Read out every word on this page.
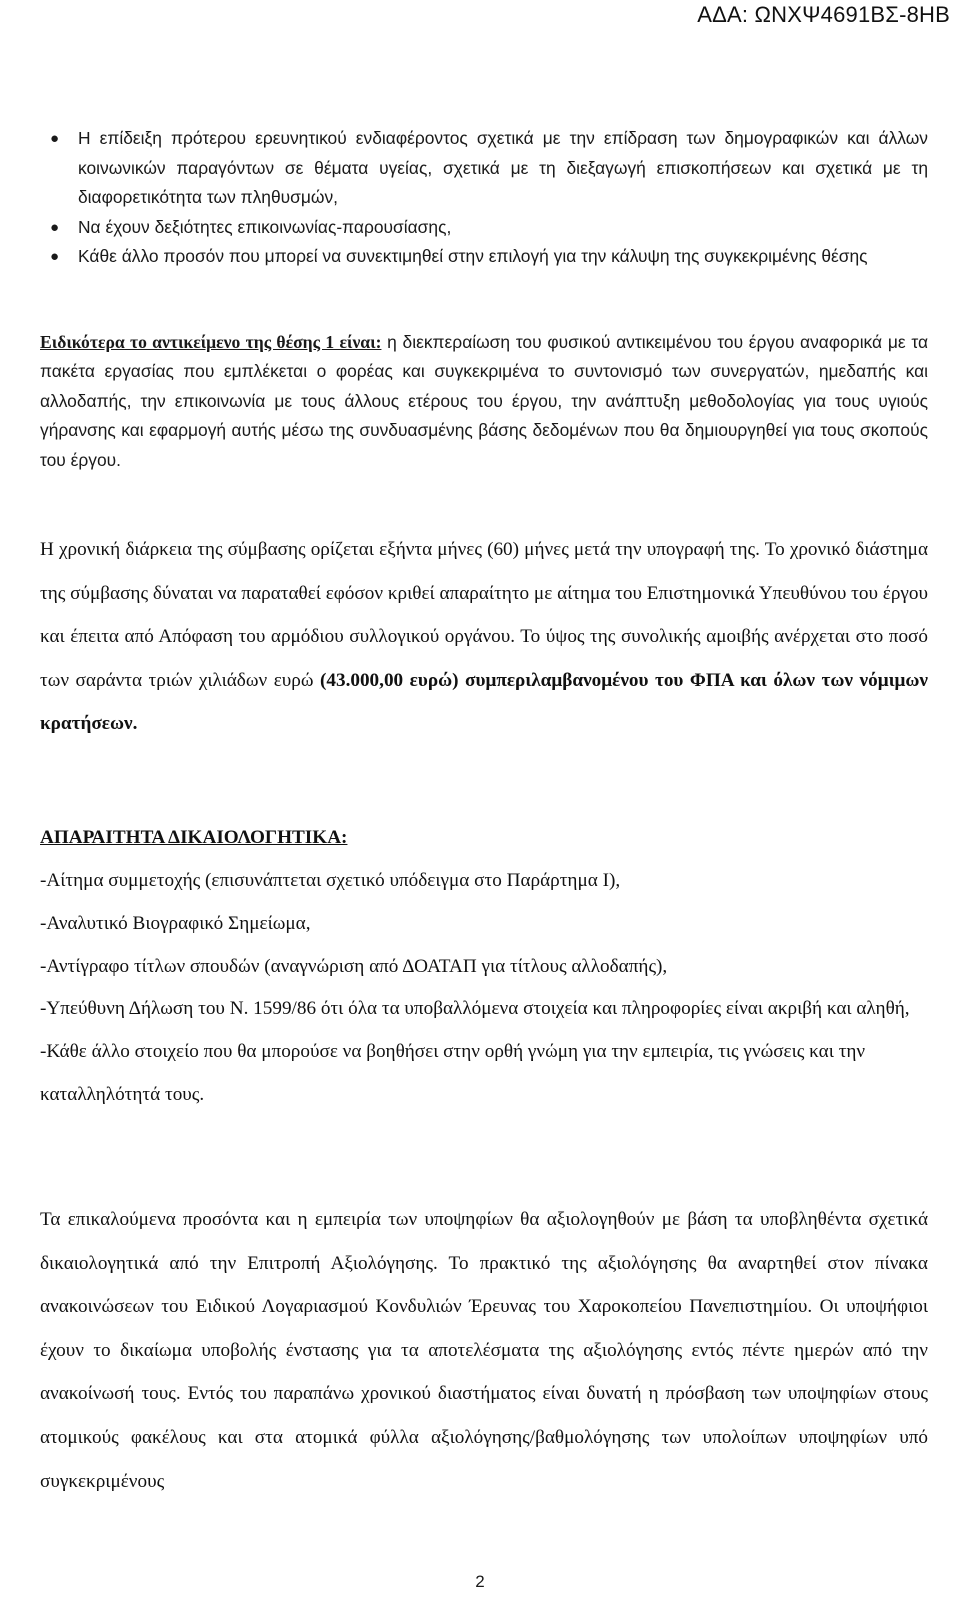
ΑΔΑ: ΩΝΧΨ4691ΒΣ-8ΗΒ
● Η επίδειξη πρότερου ερευνητικού ενδιαφέροντος σχετικά με την επίδραση των δημογραφικών και άλλων κοινωνικών παραγόντων σε θέματα υγείας, σχετικά με τη διεξαγωγή επισκοπήσεων και σχετικά με τη διαφορετικότητα των πληθυσμών,
● Να έχουν δεξιότητες επικοινωνίας-παρουσίασης,
● Κάθε άλλο προσόν που μπορεί να συνεκτιμηθεί στην επιλογή για την κάλυψη της συγκεκριμένης θέσης

Ειδικότερα το αντικείμενο της θέσης 1 είναι: η διεκπεραίωση του φυσικού αντικειμένου του έργου αναφορικά με τα πακέτα εργασίας που εμπλέκεται ο φορέας και συγκεκριμένα το συντονισμό των συνεργατών, ημεδαπής και αλλοδαπής, την επικοινωνία με τους άλλους ετέρους του έργου, την ανάπτυξη μεθοδολογίας για τους υγιούς γήρανσης και εφαρμογή αυτής μέσω της συνδυασμένης βάσης δεδομένων που θα δημιουργηθεί για τους σκοπούς του έργου.

Η χρονική διάρκεια της σύμβασης ορίζεται εξήντα μήνες (60) μήνες μετά την υπογραφή της. Το χρονικό διάστημα της σύμβασης δύναται να παραταθεί εφόσον κριθεί απαραίτητο με αίτημα του Επιστημονικά Υπευθύνου του έργου και έπειτα από Απόφαση του αρμόδιου συλλογικού οργάνου. Το ύψος της συνολικής αμοιβής ανέρχεται στο ποσό των σαράντα τριών χιλιάδων ευρώ (43.000,00 ευρώ) συμπεριλαμβανομένου του ΦΠΑ και όλων των νόμιμων κρατήσεων.

ΑΠΑΡΑΙΤΗΤΑ ΔΙΚΑΙΟΛΟΓΗΤΙΚΑ:
-Αίτημα συμμετοχής (επισυνάπτεται σχετικό υπόδειγμα στο Παράρτημα Ι),
-Αναλυτικό Βιογραφικό Σημείωμα,
-Αντίγραφο τίτλων σπουδών (αναγνώριση από ΔΟΑΤΑΠ για τίτλους αλλοδαπής),
-Υπεύθυνη Δήλωση του Ν. 1599/86 ότι όλα τα υποβαλλόμενα στοιχεία και πληροφορίες είναι ακριβή και αληθή,
-Κάθε άλλο στοιχείο που θα μπορούσε να βοηθήσει στην ορθή γνώμη για την εμπειρία, τις γνώσεις και την καταλληλότητά τους.

Τα επικαλούμενα προσόντα και η εμπειρία των υποψηφίων θα αξιολογηθούν με βάση τα υποβληθέντα σχετικά δικαιολογητικά από την Επιτροπή Αξιολόγησης. Το πρακτικό της αξιολόγησης θα αναρτηθεί στον πίνακα ανακοινώσεων του Ειδικού Λογαριασμού Κονδυλιών Έρευνας του Χαροκοπείου Πανεπιστημίου. Οι υποψήφιοι έχουν το δικαίωμα υποβολής ένστασης για τα αποτελέσματα της αξιολόγησης εντός πέντε ημερών από την ανακοίνωσή τους. Εντός του παραπάνω χρονικού διαστήματος είναι δυνατή η πρόσβαση των υποψηφίων στους ατομικούς φακέλους και στα ατομικά φύλλα αξιολόγησης/βαθμολόγησης των υπολοίπων υποψηφίων υπό συγκεκριμένους

2
